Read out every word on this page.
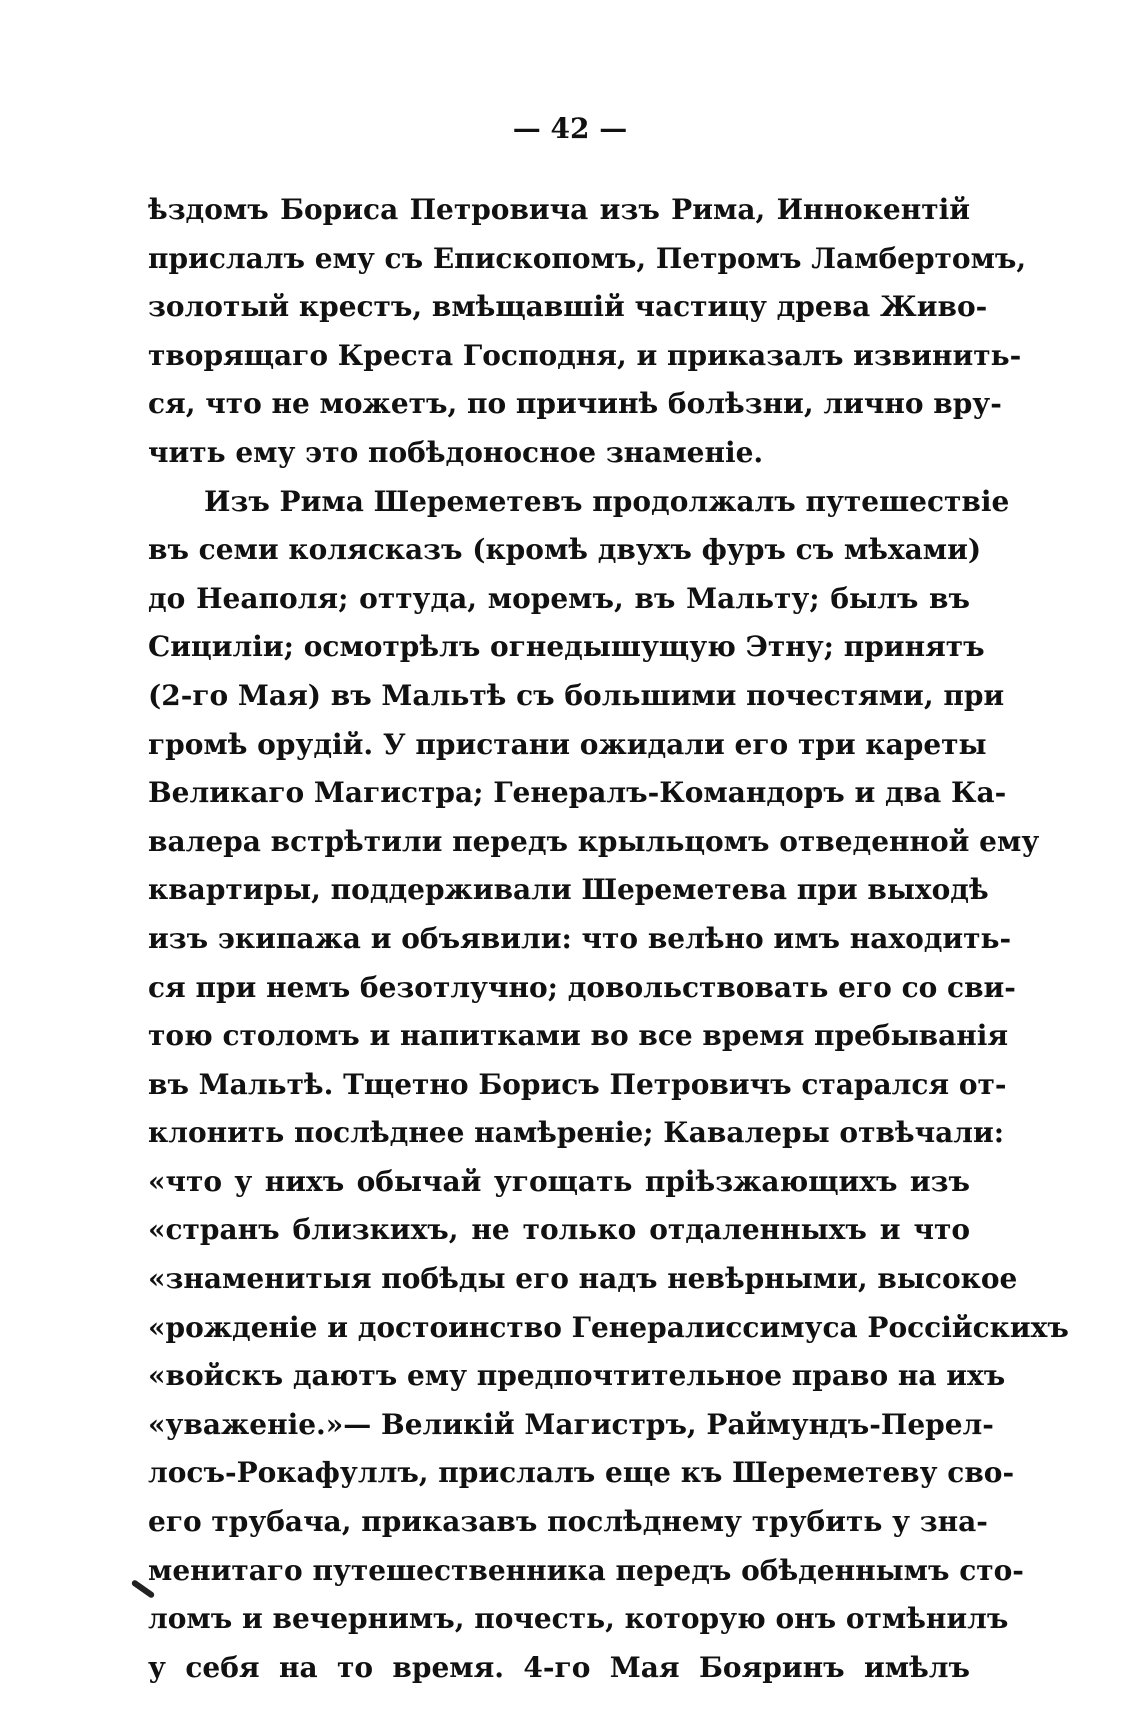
— 42 —
ѣздомъ Бориса Петровича изъ Рима, Иннокентій
прислалъ ему съ Епископомъ, Петромъ Ламбертомъ,
золотый крестъ, вмѣщавшій частицу древа Живо-
творящаго Креста Господня, и приказалъ извинить-
ся, что не можетъ, по причинѣ болѣзни, лично вру-
чить ему это побѣдоносное знаменіе.
Изъ Рима Шереметевъ продолжалъ путешествіе
въ семи колясказъ (кромѣ двухъ фуръ съ мѣхами)
до Неаполя; оттуда, моремъ, въ Мальту; былъ въ
Сициліи; осмотрѣлъ огнедышущую Этну; принятъ
(2-го Мая) въ Мальтѣ съ большими почестями, при
громѣ орудій. У пристани ожидали его три кареты
Великаго Магистра; Генералъ-Командоръ и два Ка-
валера встрѣтили передъ крыльцомъ отведенной ему
квартиры, поддерживали Шереметева при выходѣ
изъ экипажа и объявили: что велѣно имъ находить-
ся при немъ безотлучно; довольствовать его со сви-
тою столомъ и напитками во все время пребыванія
въ Мальтѣ. Тщетно Борисъ Петровичъ старался от-
клонить послѣднее намѣреніе; Кавалеры отвѣчали:
«что у нихъ обычай угощать пріѣзжающихъ изъ
«странъ близкихъ, не только отдаленныхъ и что
«знаменитыя побѣды его надъ невѣрными, высокое
«рожденіе и достоинство Генералиссимуса Россійскихъ
«войскъ даютъ ему предпочтительное право на ихъ
«уваженіе.»— Великій Магистръ, Раймундъ-Перел-
лосъ-Рокафуллъ, прислалъ еще къ Шереметеву сво-
его трубача, приказавъ послѣднему трубить у зна-
менитаго путешественника передъ обѣденнымъ сто-
ломъ и вечернимъ, почесть, которую онъ отмѣнилъ
у себя на то время. 4-го Мая Бояринъ имѣлъ
